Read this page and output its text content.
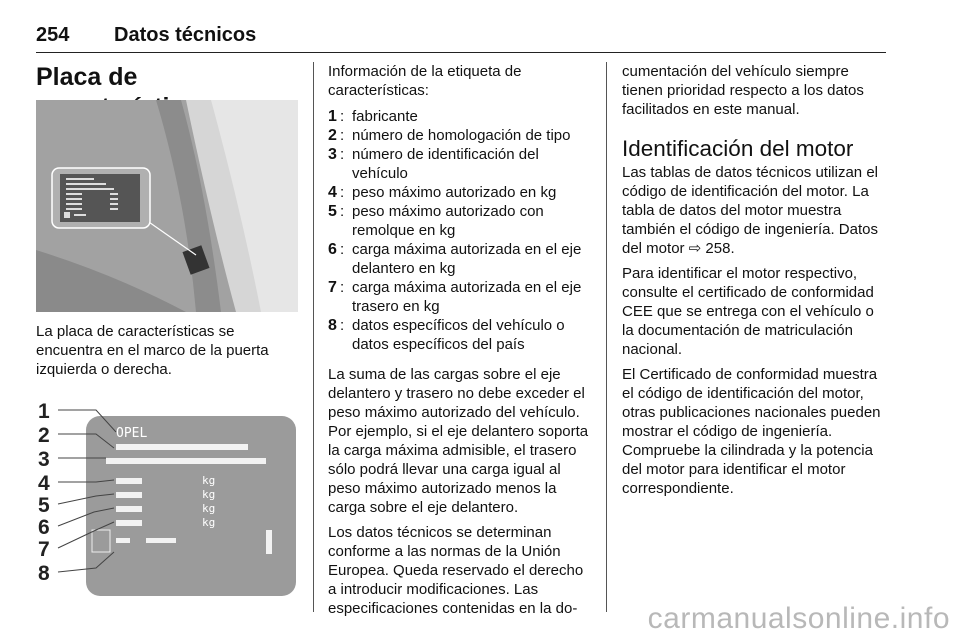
254 Datos técnicos
Placa de

La placa de características se encuentra en el marco de la puerta izquierda o derecha.

OPEL
kg
kg
kg
kg
1
2
3
4
5
6
7
8

Información de la etiqueta de características:

1 : fabricante
2 : número de homologación de tipo
3 : número de identificación del vehículo
4 : peso máximo autorizado en kg
5 : peso máximo autorizado con remolque en kg
6 : carga máxima autorizada en el eje delantero en kg
7 : carga máxima autorizada en el eje trasero en kg
8 : datos específicos del vehículo o datos específicos del país

La suma de las cargas sobre el eje delantero y trasero no debe exceder el peso máximo autorizado del vehículo. Por ejemplo, si el eje delantero soporta la carga máxima admisible, el trasero sólo podrá llevar una carga igual al peso máximo autorizado menos la carga sobre el eje delantero.

Los datos técnicos se determinan conforme a las normas de la Unión Europea. Queda reservado el derecho a introducir modificaciones. Las especificaciones contenidas en la do-

cumentación del vehículo siempre tienen prioridad respecto a los datos facilitados en este manual.

Identificación del motor

Las tablas de datos técnicos utilizan el código de identificación del motor. La tabla de datos del motor muestra también el código de ingeniería. Datos del motor ⇨ 258.

Para identificar el motor respectivo, consulte el certificado de conformidad CEE que se entrega con el vehículo o la documentación de matriculación nacional.

El Certificado de conformidad muestra el código de identificación del motor, otras publicaciones nacionales pueden mostrar el código de ingeniería. Compruebe la cilindrada y la potencia del motor para identificar el motor correspondiente.

carmanualsonline.info
